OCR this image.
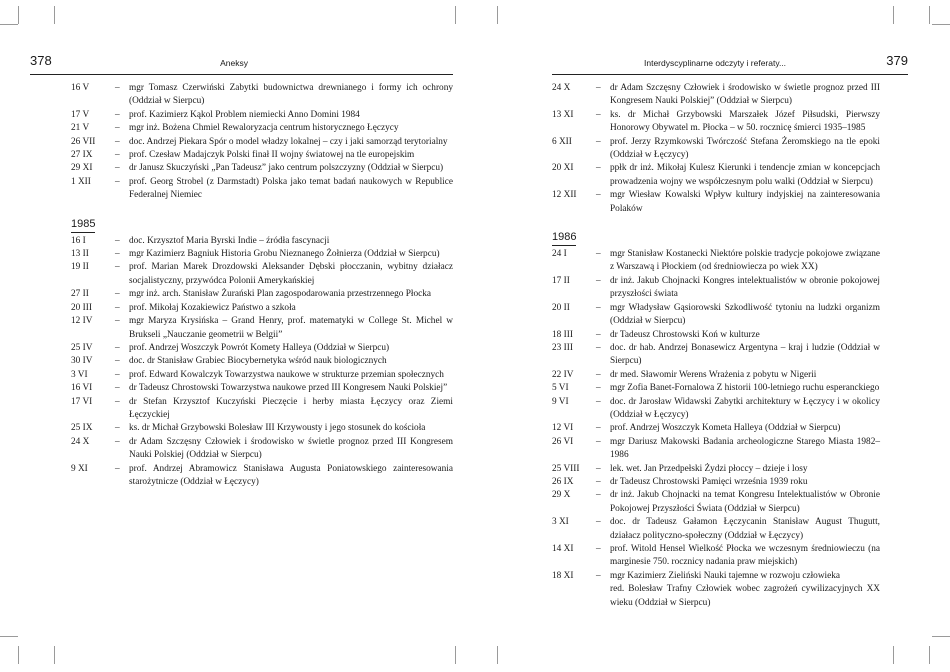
378	Aneksy	Interdyscyplinarne odczyty i referaty...	379
16 V	– mgr Tomasz Czerwiński Zabytki budownictwa drewnianego i formy ich ochrony (Oddział w Sierpcu)
17 V	– prof. Kazimierz Kąkol Problem niemiecki Anno Domini 1984
21 V	– mgr inż. Bożena Chmiel Rewaloryzacja centrum historycznego Łęczycy
26 VII – doc. Andrzej Piekara Spór o model władzy lokalnej – czy i jaki samorząd terytorialny
27 IX – prof. Czesław Madajczyk Polski finał II wojny światowej na tle europejskim
29 XI – dr Janusz Skuczyński „Pan Tadeusz” jako centrum polszczyzny (Oddział w Sierpcu)
1 XII	– prof. Georg Strobel (z Darmstadt) Polska jako temat badań naukowych w Republice Federalnej Niemiec
1985
16 I	– doc. Krzysztof Maria Byrski Indie – źródła fascynacji
13 II	– mgr Kazimierz Bagniuk Historia Grobu Nieznanego Żołnierza (Oddział w Sierpcu)
19 II	– prof. Marian Marek Drozdowski Aleksander Dębski płocczanin, wybitny działacz socjalistyczny, przywódca Polonii Amerykańskiej
27 II	– mgr inż. arch. Stanisław Żurański Plan zagospodarowania przestrzennego Płocka
20 III – prof. Mikołaj Kozakiewicz Państwo a szkoła
12 IV – mgr Maryza Krysińska – Grand Henry, prof. matematyki w College St. Michel w Brukseli „Nauczanie geometrii w Belgii”
25 IV – prof. Andrzej Woszczyk Powrót Komety Halleya (Oddział w Sierpcu)
30 IV – doc. dr Stanisław Grabiec Biocybernetyka wśród nauk biologicznych
3 VI	– prof. Edward Kowalczyk Towarzystwa naukowe w strukturze przemian społecznych
16 VI – dr Tadeusz Chrostowski Towarzystwa naukowe przed III Kongresem Nauki Polskiej”
17 VI – dr Stefan Krzysztof Kuczyński Pieczęcie i herby miasta Łęczycy oraz Ziemi Łęczyckiej
25 IX – ks. dr Michał Grzybowski Bolesław III Krzywousty i jego stosunek do kościoła
24 X	– dr Adam Szczęsny Człowiek i środowisko w świetle prognoz przed III Kongresem Nauki Polskiej (Oddział w Sierpcu)
9 XI	– prof. Andrzej Abramowicz Stanisława Augusta Poniatowskiego zainteresowania starożytnicze (Oddział w Łęczycy)
24 X	– dr Adam Szczęsny Człowiek i środowisko w świetle prognoz przed III Kongresem Nauki Polskiej” (Oddział w Sierpcu)
13 XI – ks. dr Michał Grzybowski Marszałek Józef Piłsudski, Pierwszy Honorowy Obywatel m. Płocka – w 50. rocznicę śmierci 1935–1985
6 XII	– prof. Jerzy Rzymkowski Twórczość Stefana Żeromskiego na tle epoki (Oddział w Łęczycy)
20 XI – ppłk dr inż. Mikołaj Kulesz Kierunki i tendencje zmian w koncepcjach prowadzenia wojny we współczesnym polu walki (Oddział w Sierpcu)
12 XII – mgr Wiesław Kowalski Wpływ kultury indyjskiej na zainteresowania Polaków
1986
24 I	– mgr Stanisław Kostanecki Niektóre polskie tradycje pokojowe związane z Warszawą i Płockiem (od średniowiecza po wiek XX)
17 II	– dr inż. Jakub Chojnacki Kongres intelektualistów w obronie pokojowej przyszłości świata
20 II	– mgr Władysław Gąsiorowski Szkodliwość tytoniu na ludzki organizm (Oddział w Sierpcu)
18 III – dr Tadeusz Chrostowski Koń w kulturze
23 III – doc. dr hab. Andrzej Bonasewicz Argentyna – kraj i ludzie (Oddział w Sierpcu)
22 IV – dr med. Sławomir Werens Wrażenia z pobytu w Nigerii
5 VI	– mgr Zofia Banet-Fornalowa Z historii 100-letniego ruchu esperanckiego
9 VI	– doc. dr Jarosław Widawski Zabytki architektury w Łęczycy i w okolicy (Oddział w Łęczycy)
12 VI – prof. Andrzej Woszczyk Kometa Halleya (Oddział w Sierpcu)
26 VI – mgr Dariusz Makowski Badania archeologiczne Starego Miasta 1982–1986
25 VIII – lek. wet. Jan Przedpełski Żydzi płoccy – dzieje i losy
26 IX – dr Tadeusz Chrostowski Pamięci września 1939 roku
29 X	– dr inż. Jakub Chojnacki na temat Kongresu Intelektualistów w Obronie Pokojowej Przyszłości Świata (Oddział w Sierpcu)
3 XI	– doc. dr Tadeusz Gałamon Łęczycanin Stanisław August Thugutt, działacz polityczno-społeczny (Oddział w Łęczycy)
14 XI – prof. Witold Hensel Wielkość Płocka we wczesnym średniowieczu (na marginesie 750. rocznicy nadania praw miejskich)
18 XI – mgr Kazimierz Zieliński Nauki tajemne w rozwoju człowieka
red. Bolesław Trafny Człowiek wobec zagrożeń cywilizacyjnych XX wieku (Oddział w Sierpcu)
